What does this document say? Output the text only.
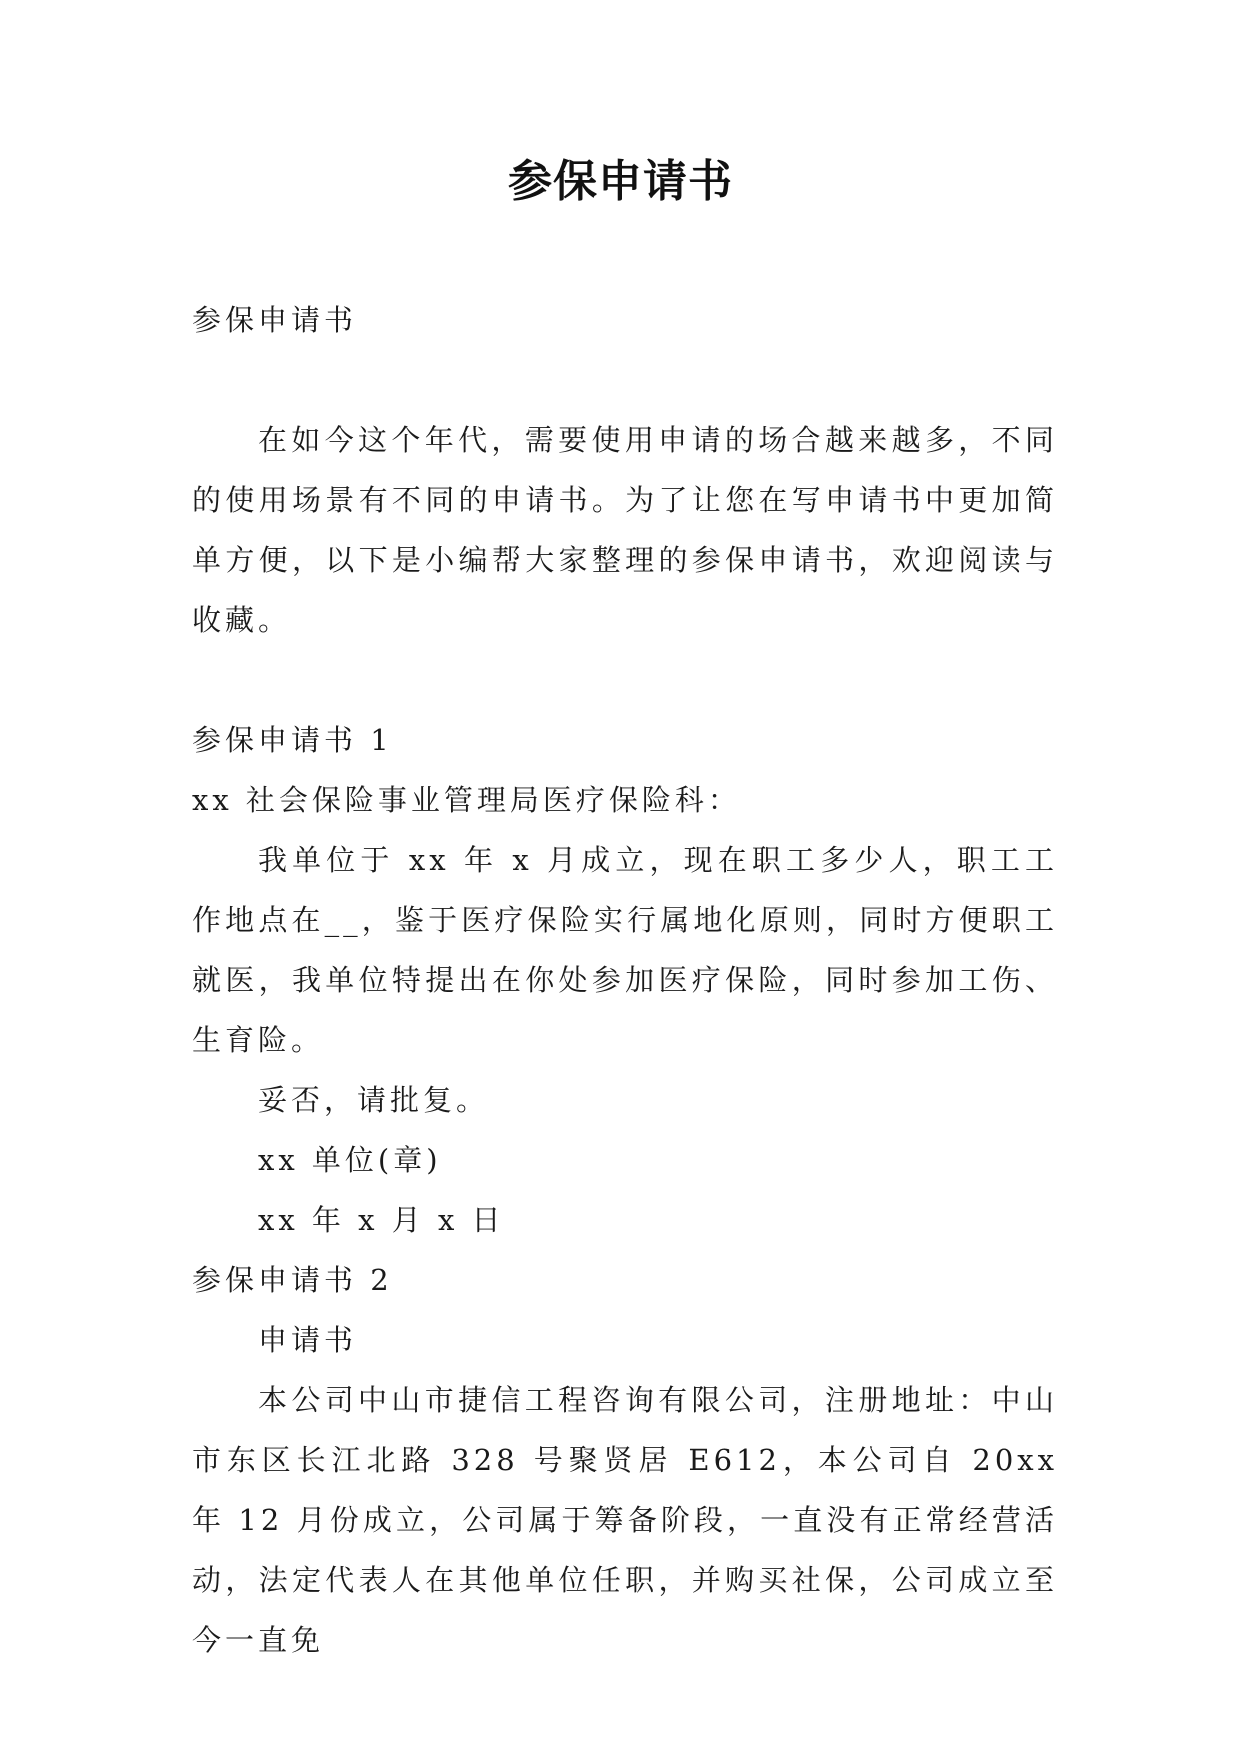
参保申请书

参保申请书

在如今这个年代，需要使用申请的场合越来越多，不同的使用场景有不同的申请书。为了让您在写申请书中更加简单方便，以下是小编帮大家整理的参保申请书，欢迎阅读与收藏。

参保申请书 1

xx 社会保险事业管理局医疗保险科：

我单位于 xx 年 x 月成立，现在职工多少人，职工工作地点在__，鉴于医疗保险实行属地化原则，同时方便职工就医，我单位特提出在你处参加医疗保险，同时参加工伤、生育险。

妥否，请批复。

xx 单位(章)

xx 年 x 月 x 日

参保申请书 2

申请书

本公司中山市捷信工程咨询有限公司，注册地址：中山市东区长江北路 328 号聚贤居 E612，本公司自 20xx 年 12 月份成立，公司属于筹备阶段，一直没有正常经营活动，法定代表人在其他单位任职，并购买社保，公司成立至今一直免
